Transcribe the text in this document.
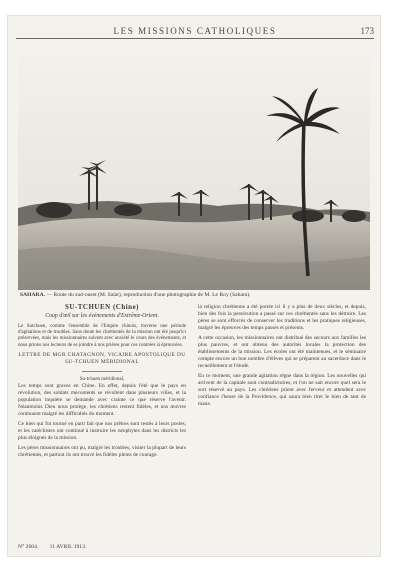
LES MISSIONS CATHOLIQUES	173
SAHARA. — Route du sud-ouest (M. Salat), reproduction d'une photographie de M. Le Roy (Sahara).
SU-TCHUEN (Chine)
Coup d'œil sur les événements d'Extrême-Orient.

Le Sutchuen, comme l'ensemble de l'Empire chinois, traverse une période d'agitations et de troubles. Sans doute les chrétientés de la mission ont été jusqu'ici préservées, mais les missionnaires suivent avec anxiété le cours des événements, et nous prions nos lecteurs de se joindre à nos prières pour ces contrées si éprouvées.

LETTRE DE MGR CHATAGNON, VICAIRE APOSTOLIQUE DU SU-TCHUEN MÉRIDIONAL
Su-tchuen méridional,

Les temps sont graves en Chine. En effet, depuis l'été que le pays en révolution, des soldats mécontents se révoltent dans plusieurs villes, et la population inquiète se demande avec crainte ce que réserve l'avenir. Néanmoins Dieu nous protège, les chrétiens restent fidèles, et nos œuvres continuent malgré les difficultés du moment.

Ce bien qui fut tourné en parti fait que nos prêtres sont restés à leurs postes, et les catéchistes ont continué à instruire les néophytes dans les districts les plus éloignés de la mission.

Les pères missionnaires ont pu, malgré les troubles, visiter la plupart de leurs chrétientés, et partout ils ont trouvé les fidèles pleins de courage.

la religion chrétienne a été portée ici il y a plus de deux siècles, et depuis, bien des fois la persécution a passé sur ces chrétientés sans les détruire. Les pères se sont efforcés de conserver les traditions et les pratiques religieuses, malgré les épreuves des temps passés et présents.

A cette occasion, les missionnaires ont distribué des secours aux familles les plus pauvres, et ont obtenu des autorités locales la protection des établissements de la mission. Les écoles ont été maintenues, et le séminaire compte encore un bon nombre d'élèves qui se préparent au sacerdoce dans le recueillement et l'étude.

En ce moment, une grande agitation règne dans la région. Les nouvelles qui arrivent de la capitale sont contradictoires, et l'on ne sait encore quel sera le sort réservé au pays. Les chrétiens prient avec ferveur et attendent avec confiance l'heure de la Providence, qui saura bien tirer le bien de tant de maux.

N° 2604. 11 AVRIL 1913.
